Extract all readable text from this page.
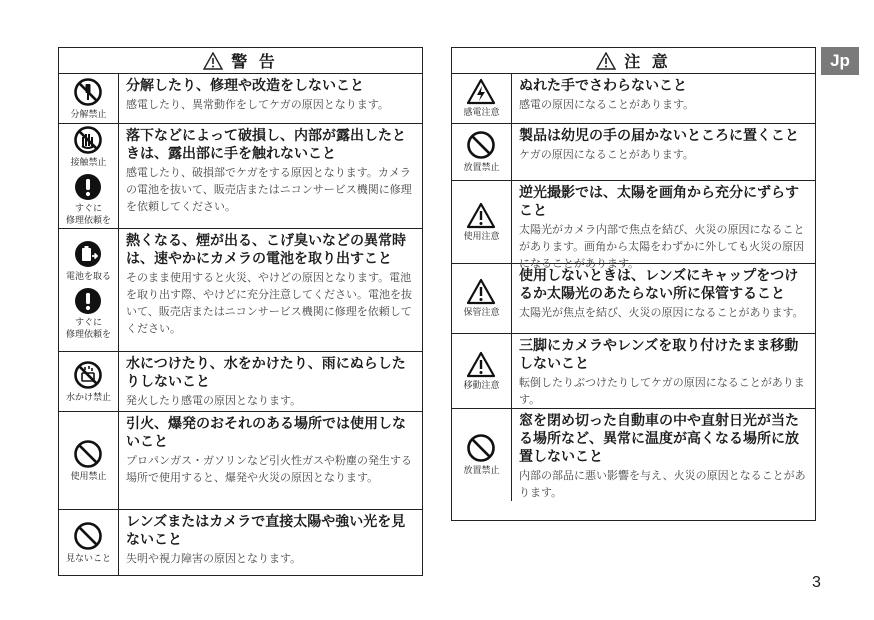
警 告
分解禁止

分解したり、修理や改造をしないこと

感電したり、異常動作をしてケガの原因となります。

接触禁止
すぐに
修理依頼を

落下などによって破損し、内部が露出したときは、露出部に手を触れないこと

感電したり、破損部でケガをする原因となります。カメラの電池を抜いて、販売店またはニコンサービス機関に修理を依頼してください。

電池を取る
すぐに
修理依頼を

熱くなる、煙が出る、こげ臭いなどの異常時は、速やかにカメラの電池を取り出すこと

そのまま使用すると火災、やけどの原因となります。電池を取り出す際、やけどに充分注意してください。電池を抜いて、販売店またはニコンサービス機関に修理を依頼してください。

水かけ禁止

水につけたり、水をかけたり、雨にぬらしたりしないこと

発火したり感電の原因となります。

使用禁止

引火、爆発のおそれのある場所では使用しないこと

プロパンガス・ガソリンなど引火性ガスや粉塵の発生する場所で使用すると、爆発や火災の原因となります。

見ないこと

レンズまたはカメラで直接太陽や強い光を見ないこと

失明や視力障害の原因となります。

注 意
感電注意

ぬれた手でさわらないこと

感電の原因になることがあります。

放置禁止

製品は幼児の手の届かないところに置くこと

ケガの原因になることがあります。

使用注意

逆光撮影では、太陽を画角から充分にずらすこと

太陽光がカメラ内部で焦点を結び、火災の原因になることがあります。画角から太陽をわずかに外しても火災の原因になることがあります。

保管注意

使用しないときは、レンズにキャップをつけるか太陽光のあたらない所に保管すること

太陽光が焦点を結び、火災の原因になることがあります。

移動注意

三脚にカメラやレンズを取り付けたまま移動しないこと

転倒したりぶつけたりしてケガの原因になることがあります。

放置禁止

窓を閉め切った自動車の中や直射日光が当たる場所など、異常に温度が高くなる場所に放置しないこと

内部の部品に悪い影響を与え、火災の原因となることがあります。

Jp
3
